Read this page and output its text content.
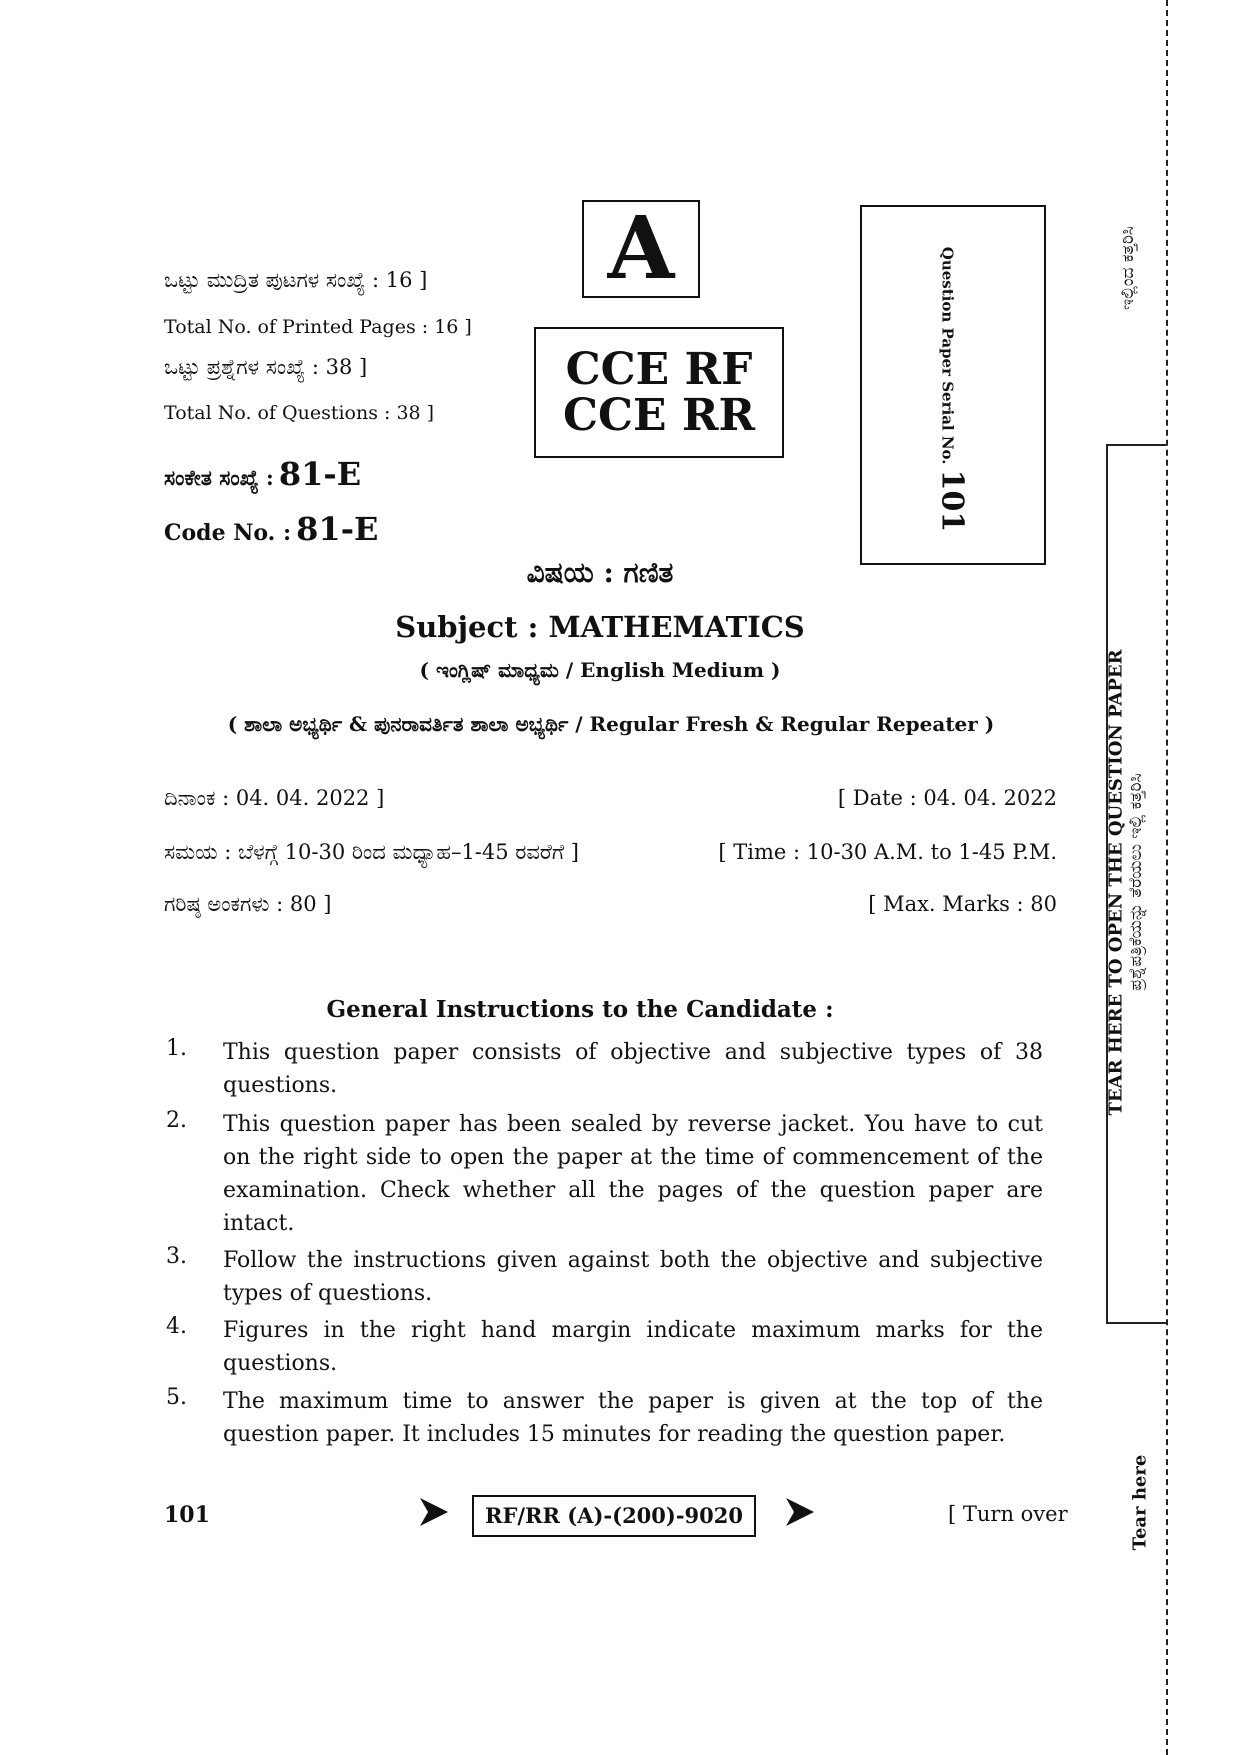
ಒಟ್ಟು ಮುದ್ರಿತ ಪುಟಗಳ ಸಂಖ್ಯೆ : 16 ]
Total No. of Printed Pages : 16 ]
ಒಟ್ಟು ಪ್ರಶ್ನೆಗಳ ಸಂಖ್ಯೆ : 38 ]
Total No. of Questions : 38 ]
ಸಂಕೇತ ಸಂಖ್ಯೆ : 81-E
Code No. : 81-E
A
CCE RF
CCE RR	Question Paper Serial No. 101
ವಿಷಯ : ಗಣಿತ
Subject : MATHEMATICS
( ಇಂಗ್ಲಿಷ್ ಮಾಧ್ಯಮ / English Medium )
( ಶಾಲಾ ಅಭ್ಯರ್ಥಿ & ಪುನರಾವರ್ತಿತ ಶಾಲಾ ಅಭ್ಯರ್ಥಿ / Regular Fresh & Regular Repeater )
ದಿನಾಂಕ : 04. 04. 2022 ]	[ Date : 04. 04. 2022
ಸಮಯ : ಬೆಳಗ್ಗೆ 10-30 ರಿಂದ ಮಧ್ಯಾಹ–1-45 ರವರೆಗೆ ]	[ Time : 10-30 A.M. to 1-45 P.M.
ಗರಿಷ್ಠ ಅಂಕಗಳು : 80 ]	[ Max. Marks : 80
General Instructions to the Candidate :
1. This question paper consists of objective and subjective types of 38 questions.
2. This question paper has been sealed by reverse jacket. You have to cut on the right side to open the paper at the time of commencement of the examination. Check whether all the pages of the question paper are intact.
3. Follow the instructions given against both the objective and subjective types of questions.
4. Figures in the right hand margin indicate maximum marks for the questions.
5. The maximum time to answer the paper is given at the top of the question paper. It includes 15 minutes for reading the question paper.
101	RF/RR (A)-(200)-9020	[ Turn over
ಇಲ್ಲಿಂದ ಕತ್ತರಿಸಿ
TEAR HERE TO OPEN THE QUESTION PAPER ಪ್ರಶ್ನೆಪತ್ರಿಕೆಯನ್ನು ತೆರೆಯಲು ಇಲ್ಲಿ ಕತ್ತರಿಸಿ
Tear here
